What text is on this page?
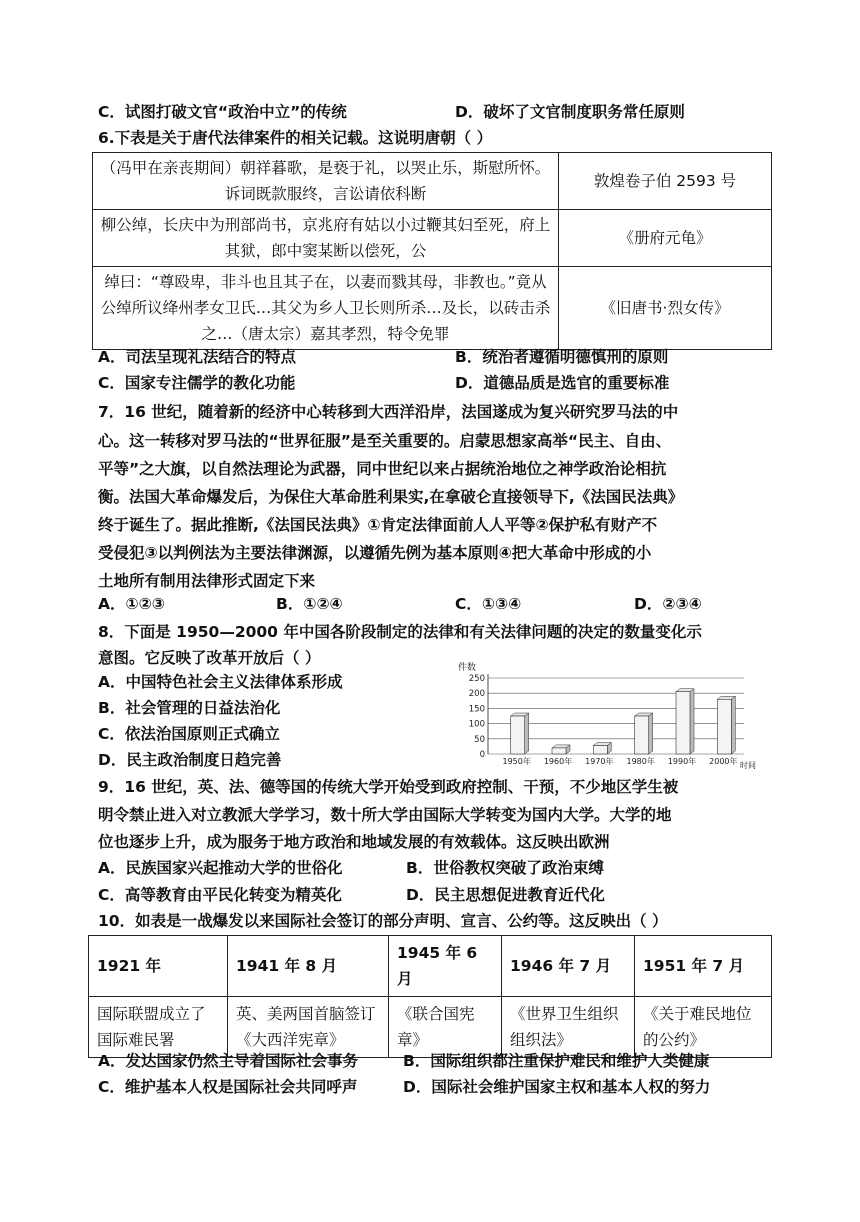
C．试图打破文官“政治中立”的传统	D．破坏了文官制度职务常任原则
6.下表是关于唐代法律案件的相关记载。这说明唐朝（ ）
（冯甲在亲丧期间）朝祥暮歌，是亵于礼，以哭止乐，斯慰所怀。诉词既款服终，言讼请依科断	敦煌卷子伯 2593 号
柳公绰，长庆中为刑部尚书，京兆府有姑以小过鞭其妇至死，府上其狱，郎中窦某断以偿死，公	《册府元龟》
绰曰：“尊殴卑，非斗也且其子在，以妻而戮其母，非教也。”竟从公绰所议绛州孝女卫氏…其父为乡人卫长则所杀…及长，以砖击杀之…（唐太宗）嘉其孝烈，特令免罪	《旧唐书·烈女传》
A．司法呈现礼法结合的特点	B．统治者遵循明德慎刑的原则
C．国家专注儒学的教化功能	D．道德品质是选官的重要标准
7．16 世纪，随着新的经济中心转移到大西洋沿岸，法国遂成为复兴研究罗马法的中
心。这一转移对罗马法的“世界征服”是至关重要的。启蒙思想家高举“民主、自由、
平等”之大旗，以自然法理论为武器，同中世纪以来占据统治地位之神学政治论相抗
衡。法国大革命爆发后，为保住大革命胜利果实,在拿破仑直接领导下,《法国民法典》
终于诞生了。据此推断,《法国民法典》①肯定法律面前人人平等②保护私有财产不
受侵犯③以判例法为主要法律渊源，以遵循先例为基本原则④把大革命中形成的小
土地所有制用法律形式固定下来
A．①②③	B．①②④	C．①③④	D．②③④
8．下面是 1950—2000 年中国各阶段制定的法律和有关法律问题的决定的数量变化示
意图。它反映了改革开放后（ ）
A．中国特色社会主义法律体系形成
B．社会管理的日益法治化
C．依法治国原则正式确立
D．民主政治制度日趋完善
件数
0
50
100
150
200
250
1950年 1960年 1970年 1980年 1990年 2000年 时间
9．16 世纪，英、法、德等国的传统大学开始受到政府控制、干预，不少地区学生被
明令禁止进入对立教派大学学习，数十所大学由国际大学转变为国内大学。大学的地
位也逐步上升，成为服务于地方政治和地域发展的有效载体。这反映出欧洲
A．民族国家兴起推动大学的世俗化	B．世俗教权突破了政治束缚
C．高等教育由平民化转变为精英化	D．民主思想促进教育近代化
10．如表是一战爆发以来国际社会签订的部分声明、宣言、公约等。这反映出（ ）
1921 年	1941 年 8 月	1945 年 6 月	1946 年 7 月	1951 年 7 月
国际联盟成立了国际难民署	英、美两国首脑签订《大西洋宪章》	《联合国宪章》	《世界卫生组织组织法》	《关于难民地位的公约》
A．发达国家仍然主导着国际社会事务	B．国际组织都注重保护难民和维护人类健康
C．维护基本人权是国际社会共同呼声	D．国际社会维护国家主权和基本人权的努力
